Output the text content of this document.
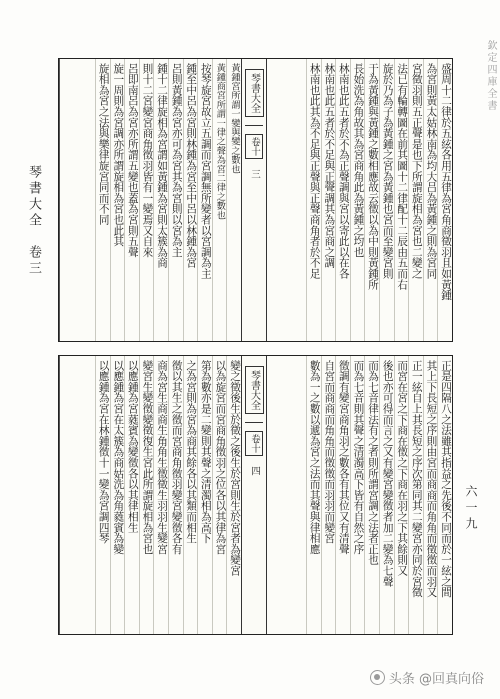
欽定四庫全書
琴書大全　卷三
六一九
盛周十二律於五絃各用五律為宮角商徵羽且如黃鍾
為宮則黃太姑林南為均大吕為黃鍾之則為宮同
宮徵羽則五正聲是也下所謂旋相為宮也二變之
法已有輪轉圖在前其圖十二律配十二辰由五而右
旋於乃為子為黃鍾之宮為黃鍾也宮而至變宮則
于為黃鍾與黃鍾之數相應故云徵以為中則黃鍾所
長始洗為角故其為宮商角此為黃鍾之均也
林南也此五者於不為正聲調與宮以寄此以在各
林南也此五者於不足與正聲調其為宮商之調
林南也此其為不足與正聲與正聲商角者於不足
琴書大全
卷十
三
黃鍾宮所謂一變與變之數也
黃鍾商宮所謂一律之聲為宮二律之數也
按琴旋宮故立五調而宮調無所變者以宮調為主
鍾至中呂為宮則林鍾為宮至中呂以林鍾為宮
呂則黃鍾為宮亦可為宮其為宮則以宮為主
鍾十二律旋相為宮謂如黃鍾為宮則太簇為商
則十二宮變宮商角徵羽皆有一變焉又自來
呂即南呂為宮亦所謂五變也蓋為宮則五聲
旋一周則為宮調亦所謂旋相為宮也此其
旋相為宮之法與樂律旋宮同而不同
正是四隔八之法雖其指益之先後不同而於一絃之間
其上下長短之序則由宮而商商而角角而徵徵而羽又
正一絃自上其長短之序次第同其二變宮亦同於宮徵
而宮在宮之下商在徵之下商在羽之下其餘則又
後也亦可得而言之又有變宮變徵者加二變為七聲
而為七音律法有之者則所謂宮調之法者正也
而為七音則其聲之清濁高下皆有自然之序
徵調有變宮商角羽之數各有其位又有清聲
自宮而商商而角角而徵徵而羽羽而變宮
數為一之數以遞為宮之法而其聲與律相應
琴書大全
卷十
四
變之徵後生於徵之後生於宮則生於宮者為變宮
以為旋宮而宮商角徵羽之位各以其律為宮
第為數亦是二變則其聲之清濁相為高下
之為宮則為宮為商其餘各以其類而相生
徵以其生之徵而宮商角徵羽變宮變徵各有
商為宮生商商生角角生徵徵生羽羽生變宮
變宮生變徵變徵復生宮此所謂旋相為宮也
以應鍾為宮蕤賓為變徵各以其律相生
以應鍾為宮在太簇為商姑洗為角蕤賓為變
以應鍾為宮在林鍾徵十一變為宮調四琴
头条 @回真向俗
